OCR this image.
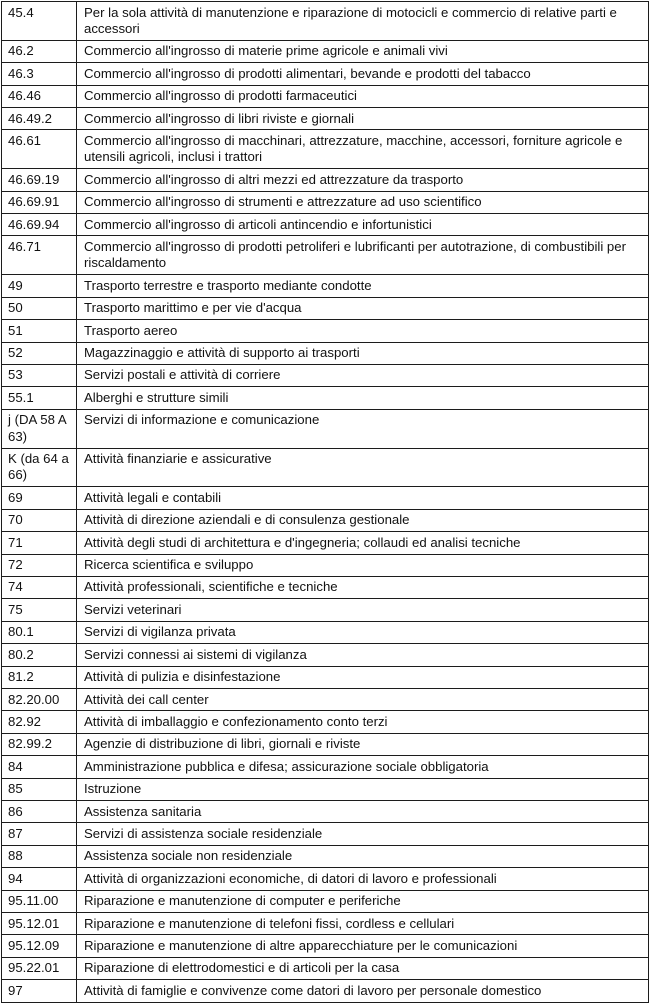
45.4	Per la sola attività di manutenzione e riparazione di motocicli e commercio di relative parti e accessori
46.2	Commercio all'ingrosso di materie prime agricole e animali vivi
46.3	Commercio all'ingrosso di prodotti alimentari, bevande e prodotti del tabacco
46.46	Commercio all'ingrosso di prodotti farmaceutici
46.49.2	Commercio all'ingrosso di libri riviste e giornali
46.61	Commercio all'ingrosso di macchinari, attrezzature, macchine, accessori, forniture agricole e utensili agricoli, inclusi i trattori
46.69.19	Commercio all'ingrosso di altri mezzi ed attrezzature da trasporto
46.69.91	Commercio all'ingrosso di strumenti e attrezzature ad uso scientifico
46.69.94	Commercio all'ingrosso di articoli antincendio e infortunistici
46.71	Commercio all'ingrosso di prodotti petroliferi e lubrificanti per autotrazione, di combustibili per riscaldamento
49	Trasporto terrestre e trasporto mediante condotte
50	Trasporto marittimo e per vie d'acqua
51	Trasporto aereo
52	Magazzinaggio e attività di supporto ai trasporti
53	Servizi postali e attività di corriere
55.1	Alberghi e strutture simili
j (DA 58 A 63)	Servizi di informazione e comunicazione
K (da 64 a 66)	Attività finanziarie e assicurative
69	Attività legali e contabili
70	Attività di direzione aziendali e di consulenza gestionale
71	Attività degli studi di architettura e d'ingegneria; collaudi ed analisi tecniche
72	Ricerca scientifica e sviluppo
74	Attività professionali, scientifiche e tecniche
75	Servizi veterinari
80.1	Servizi di vigilanza privata
80.2	Servizi connessi ai sistemi di vigilanza
81.2	Attività di pulizia e disinfestazione
82.20.00	Attività dei call center
82.92	Attività di imballaggio e confezionamento conto terzi
82.99.2	Agenzie di distribuzione di libri, giornali e riviste
84	Amministrazione pubblica e difesa; assicurazione sociale obbligatoria
85	Istruzione
86	Assistenza sanitaria
87	Servizi di assistenza sociale residenziale
88	Assistenza sociale non residenziale
94	Attività di organizzazioni economiche, di datori di lavoro e professionali
95.11.00	Riparazione e manutenzione di computer e periferiche
95.12.01	Riparazione e manutenzione di telefoni fissi, cordless e cellulari
95.12.09	Riparazione e manutenzione di altre apparecchiature per le comunicazioni
95.22.01	Riparazione di elettrodomestici e di articoli per la casa
97	Attività di famiglie e convivenze come datori di lavoro per personale domestico
